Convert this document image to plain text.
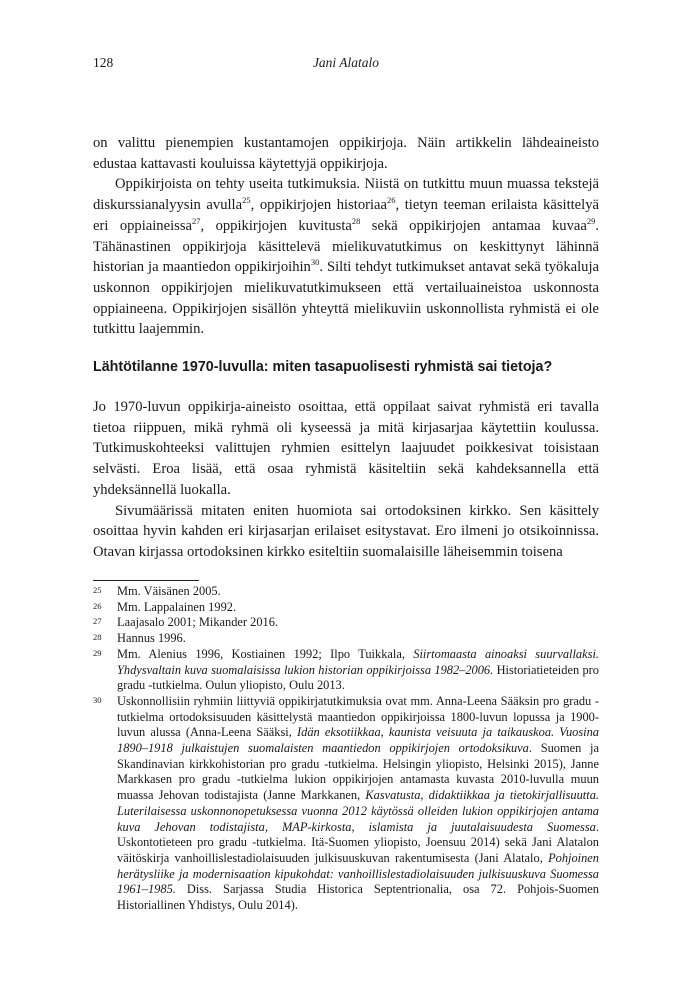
128	Jani Alatalo

on valittu pienempien kustantamojen oppikirjoja. Näin artikkelin lähdeaineisto edustaa kattavasti kouluissa käytettyjä oppikirjoja.

Oppikirjoista on tehty useita tutkimuksia. Niistä on tutkittu muun muassa tekstejä diskurssianalyysin avulla$^{25}$, oppikirjojen historiaa$^{26}$, tietyn teeman erilaista käsittelyä eri oppiaineissa$^{27}$, oppikirjojen kuvitusta$^{28}$ sekä oppikirjojen antamaa kuvaa$^{29}$. Tähänastinen oppikirjoja käsittelevä mielikuvatutkimus on keskittynyt lähinnä historian ja maantiedon oppikirjoihin$^{30}$. Silti tehdyt tutkimukset antavat sekä työkaluja uskonnon oppikirjojen mielikuvatutkimukseen että vertailuaineistoa uskonnosta oppiaineena. Oppikirjojen sisällön yhteyttä mielikuviin uskonnollista ryhmistä ei ole tutkittu laajemmin.

Lähtötilanne 1970-luvulla: miten tasapuolisesti ryhmistä sai tietoja?

Jo 1970-luvun oppikirja-aineisto osoittaa, että oppilaat saivat ryhmistä eri tavalla tietoa riippuen, mikä ryhmä oli kyseessä ja mitä kirjasarjaa käytettiin koulussa. Tutkimuskohteeksi valittujen ryhmien esittelyn laajuudet poikkesivat toisistaan selvästi. Eroa lisää, että osaa ryhmistä käsiteltiin sekä kahdeksannella että yhdeksännellä luokalla.

Sivumäärissä mitaten eniten huomiota sai ortodoksinen kirkko. Sen käsittely osoittaa hyvin kahden eri kirjasarjan erilaiset esitystavat. Ero ilmeni jo otsikoinnissa. Otavan kirjassa ortodoksinen kirkko esiteltiin suomalaisille läheisemmin toisena

25	Mm. Väisänen 2005.
26	Mm. Lappalainen 1992.
27	Laajasalo 2001; Mikander 2016.
28	Hannus 1996.
29	Mm. Alenius 1996, Kostiainen 1992; Ilpo Tuikkala, Siirtomaasta ainoaksi suurvallaksi. Yhdysvaltain kuva suomalaisissa lukion historian oppikirjoissa 1982–2006. Historiatieteiden pro gradu -tutkielma. Oulun yliopisto, Oulu 2013.
30	Uskonnollisiin ryhmiin liittyviä oppikirjatutkimuksia ovat mm. Anna-Leena Sääksin pro gradu -tutkielma ortodoksisuuden käsittelystä maantiedon oppikirjoissa 1800-luvun lopussa ja 1900-luvun alussa (Anna-Leena Sääksi, Idän eksotiikkaa, kaunista veisuuta ja taikauskoa. Vuosina 1890–1918 julkaistujen suomalaisten maantiedon oppikirjojen ortodoksikuva. Suomen ja Skandinavian kirkkohistorian pro gradu -tutkielma. Helsingin yliopisto, Helsinki 2015), Janne Markkasen pro gradu -tutkielma lukion oppikirjojen antamasta kuvasta 2010-luvulla muun muassa Jehovan todistajista (Janne Markkanen, Kasvatusta, didaktiikkaa ja tietokirjallisuutta. Luterilaisessa uskonnonopetuksessa vuonna 2012 käytössä olleiden lukion oppikirjojen antama kuva Jehovan todistajista, MAP-kirkosta, islamista ja juutalaisuudesta Suomessa. Uskontotieteen pro gradu -tutkielma. Itä-Suomen yliopisto, Joensuu 2014) sekä Jani Alatalon väitöskirja vanhoillislestadiolaisuuden julkisuuskuvan rakentumisesta (Jani Alatalo, Pohjoinen herätysliike ja modernisaation kipukohdat: vanhoillislestadiolaisuuden julkisuuskuva Suomessa 1961–1985. Diss. Sarjassa Studia Historica Septentrionalia, osa 72. Pohjois-Suomen Historiallinen Yhdistys, Oulu 2014).
